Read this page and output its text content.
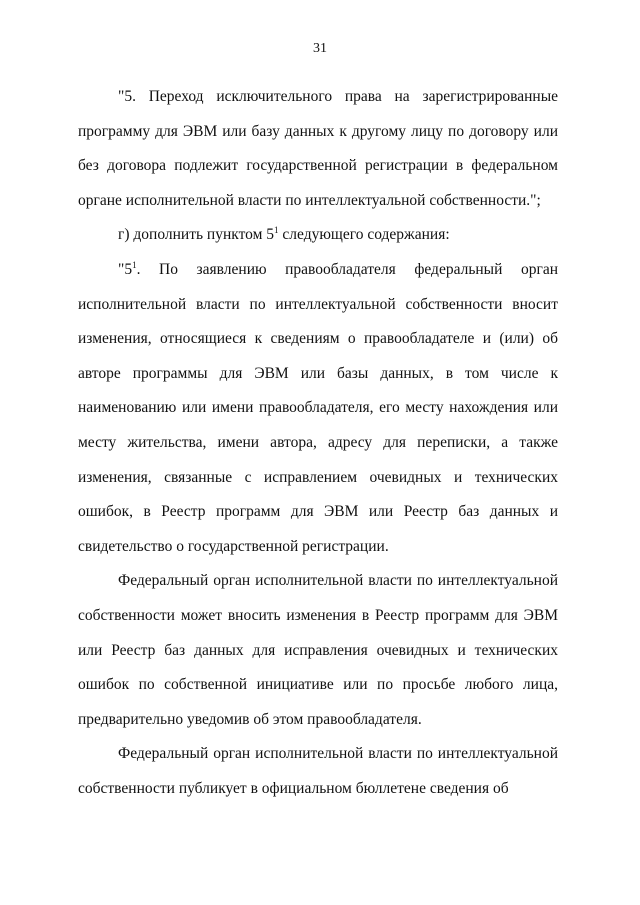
31

"5. Переход исключительного права на зарегистрированные программу для ЭВМ или базу данных к другому лицу по договору или без договора подлежит государственной регистрации в федеральном органе исполнительной власти по интеллектуальной собственности.";

г) дополнить пунктом $5^1$ следующего содержания:

"$5^1$. По заявлению правообладателя федеральный орган исполнительной власти по интеллектуальной собственности вносит изменения, относящиеся к сведениям о правообладателе и (или) об авторе программы для ЭВМ или базы данных, в том числе к наименованию или имени правообладателя, его месту нахождения или месту жительства, имени автора, адресу для переписки, а также изменения, связанные с исправлением очевидных и технических ошибок, в Реестр программ для ЭВМ или Реестр баз данных и свидетельство о государственной регистрации.

Федеральный орган исполнительной власти по интеллектуальной собственности может вносить изменения в Реестр программ для ЭВМ или Реестр баз данных для исправления очевидных и технических ошибок по собственной инициативе или по просьбе любого лица, предварительно уведомив об этом правообладателя.

Федеральный орган исполнительной власти по интеллектуальной собственности публикует в официальном бюллетене сведения об
